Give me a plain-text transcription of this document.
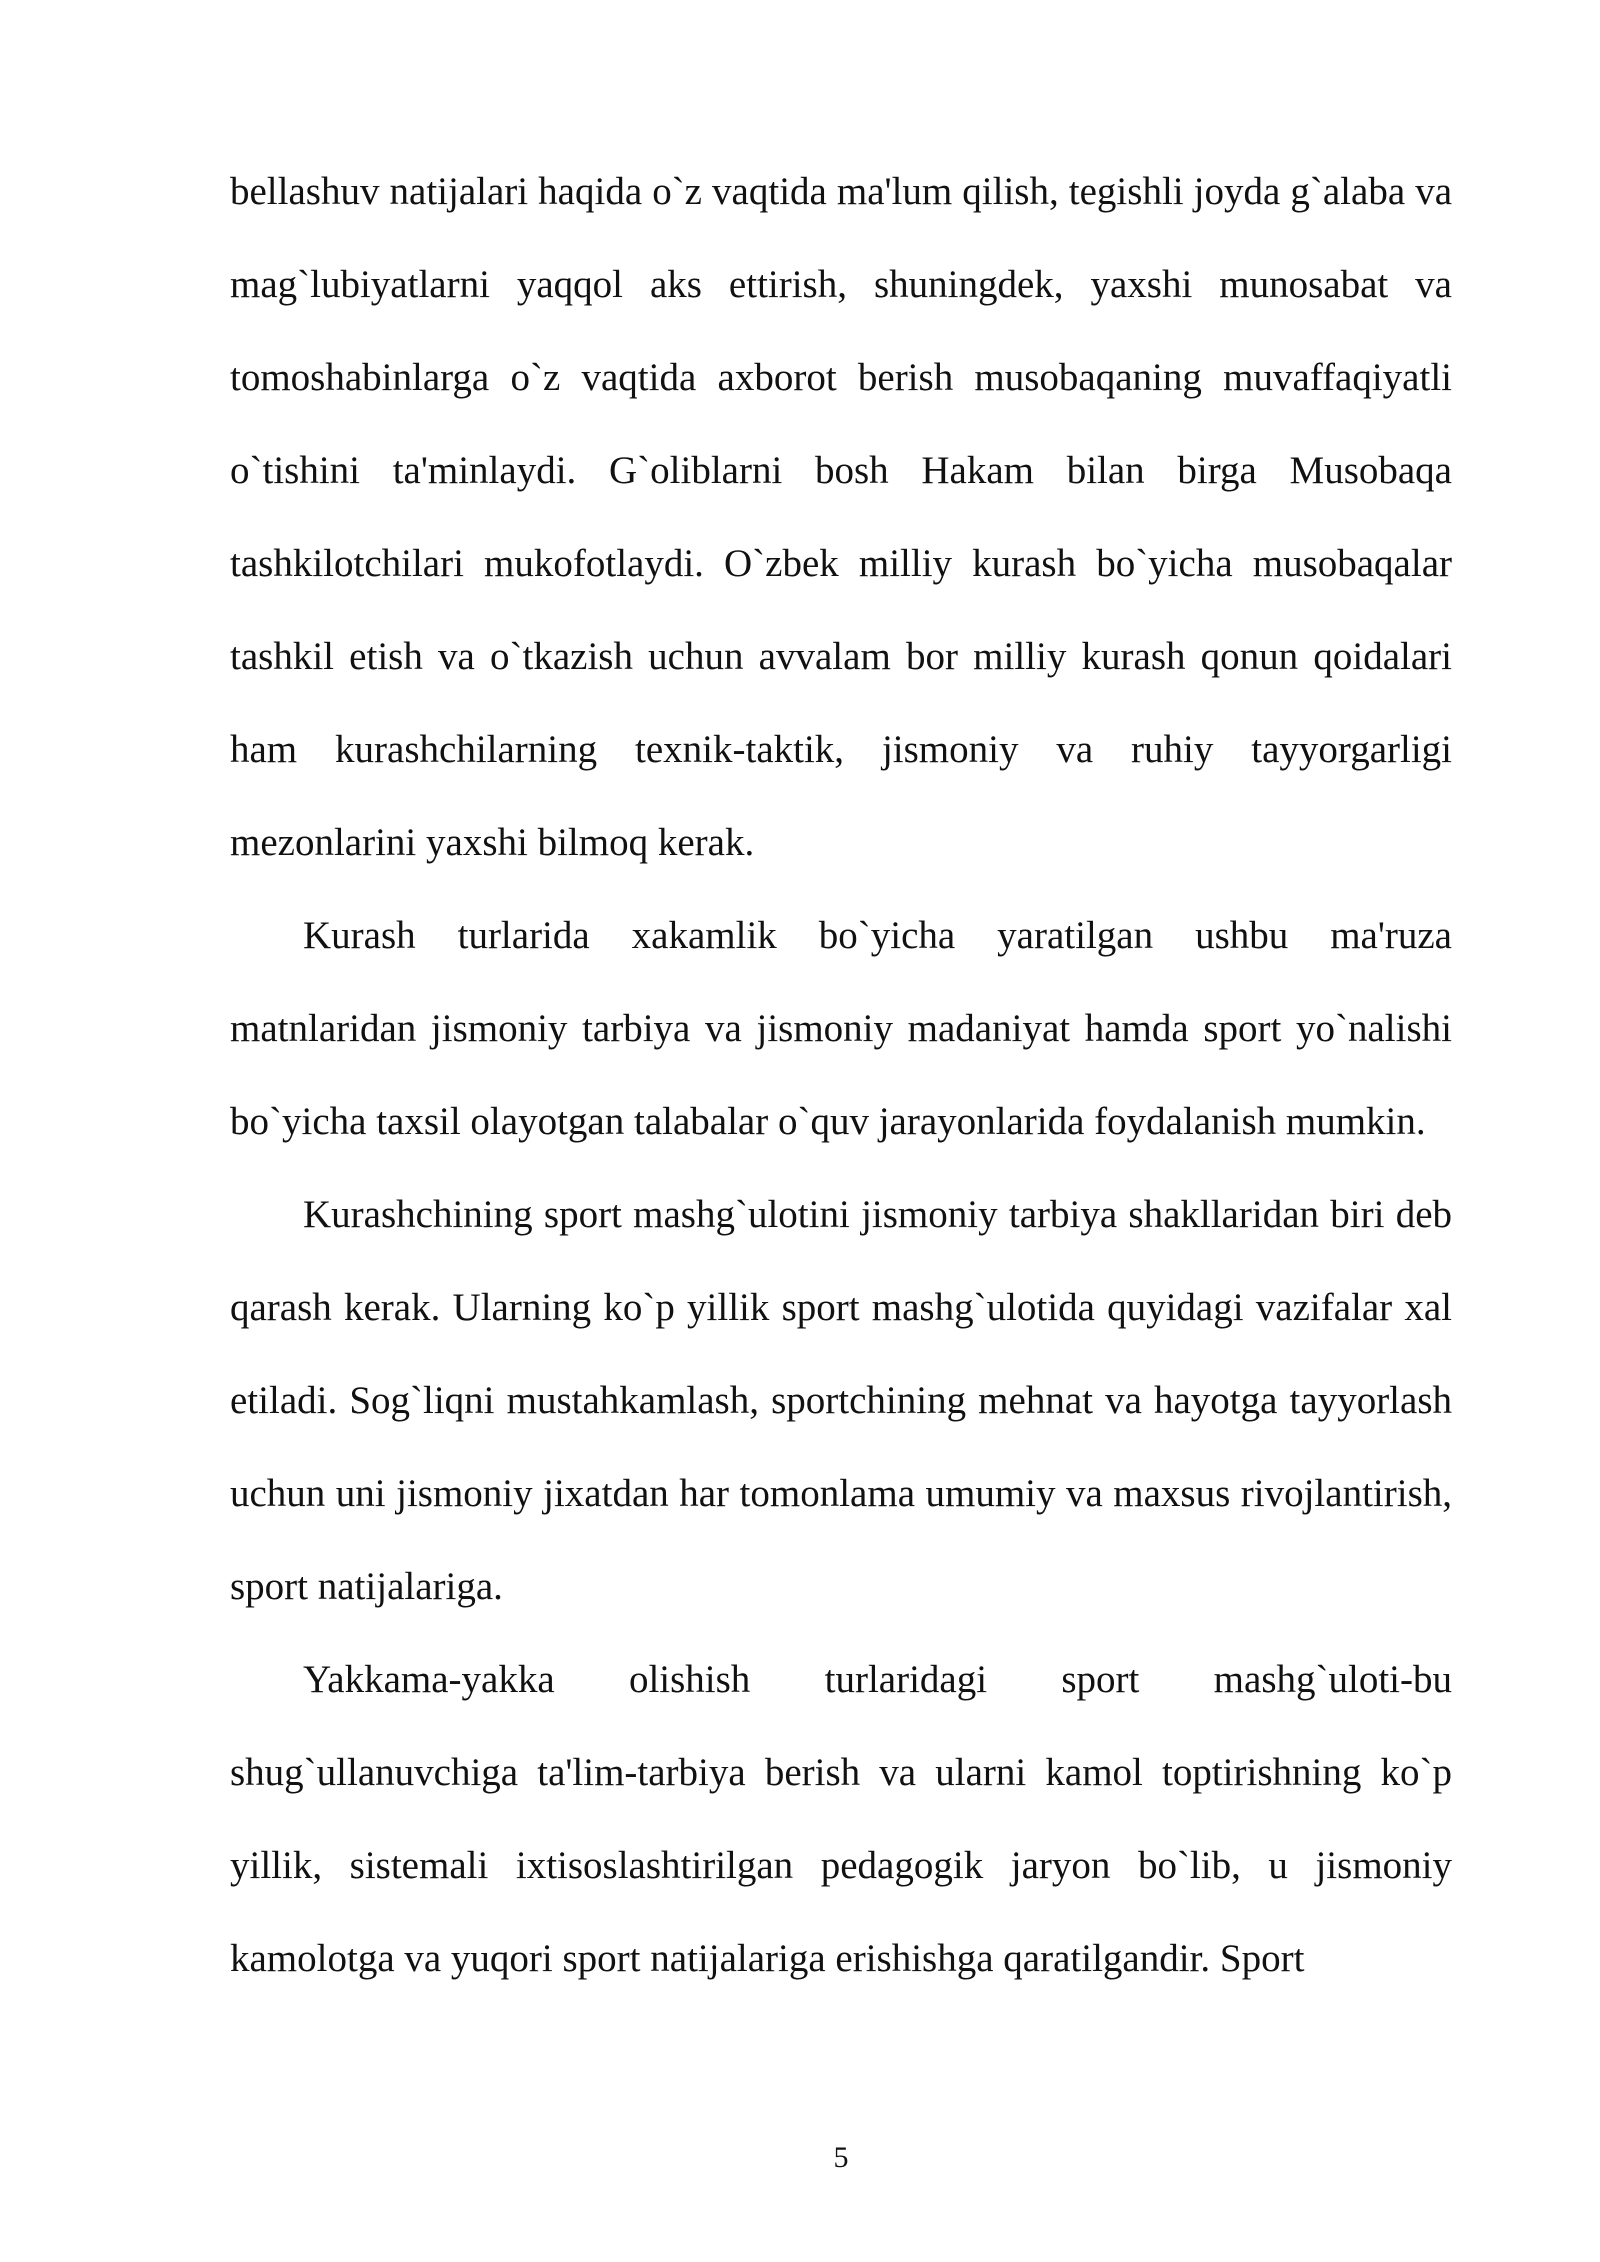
bellashuv natijalari haqida o`z vaqtida ma'lum qilish, tegishli joyda g`alaba va mag`lubiyatlarni yaqqol aks ettirish, shuningdek, yaxshi munosabat va tomoshabinlarga o`z vaqtida axborot berish musobaqaning muvaffaqiyatli o`tishini ta'minlaydi. G`oliblarni bosh Hakam bilan birga Musobaqa tashkilotchilari mukofotlaydi. O`zbek milliy kurash bo`yicha musobaqalar tashkil etish va o`tkazish uchun avvalam bor milliy kurash qonun qoidalari ham kurashchilarning texnik-taktik, jismoniy va ruhiy tayyorgarligi mezonlarini yaxshi bilmoq kerak.

Kurash turlarida xakamlik bo`yicha yaratilgan ushbu ma'ruza matnlaridan jismoniy tarbiya va jismoniy madaniyat hamda sport yo`nalishi bo`yicha taxsil olayotgan talabalar o`quv jarayonlarida foydalanish mumkin.

Kurashchining sport mashg`ulotini jismoniy tarbiya shakllaridan biri deb qarash kerak. Ularning ko`p yillik sport mashg`ulotida quyidagi vazifalar xal etiladi. Sog`liqni mustahkamlash, sportchining mehnat va hayotga tayyorlash uchun uni jismoniy jixatdan har tomonlama umumiy va maxsus rivojlantirish, sport natijalariga.

Yakkama-yakka olishish turlaridagi sport mashg`uloti-bu shug`ullanuvchiga ta'lim-tarbiya berish va ularni kamol toptirishning ko`p yillik, sistemali ixtisoslashtirilgan pedagogik jaryon bo`lib, u jismoniy kamolotga va yuqori sport natijalariga erishishga qaratilgandir. Sport

5
